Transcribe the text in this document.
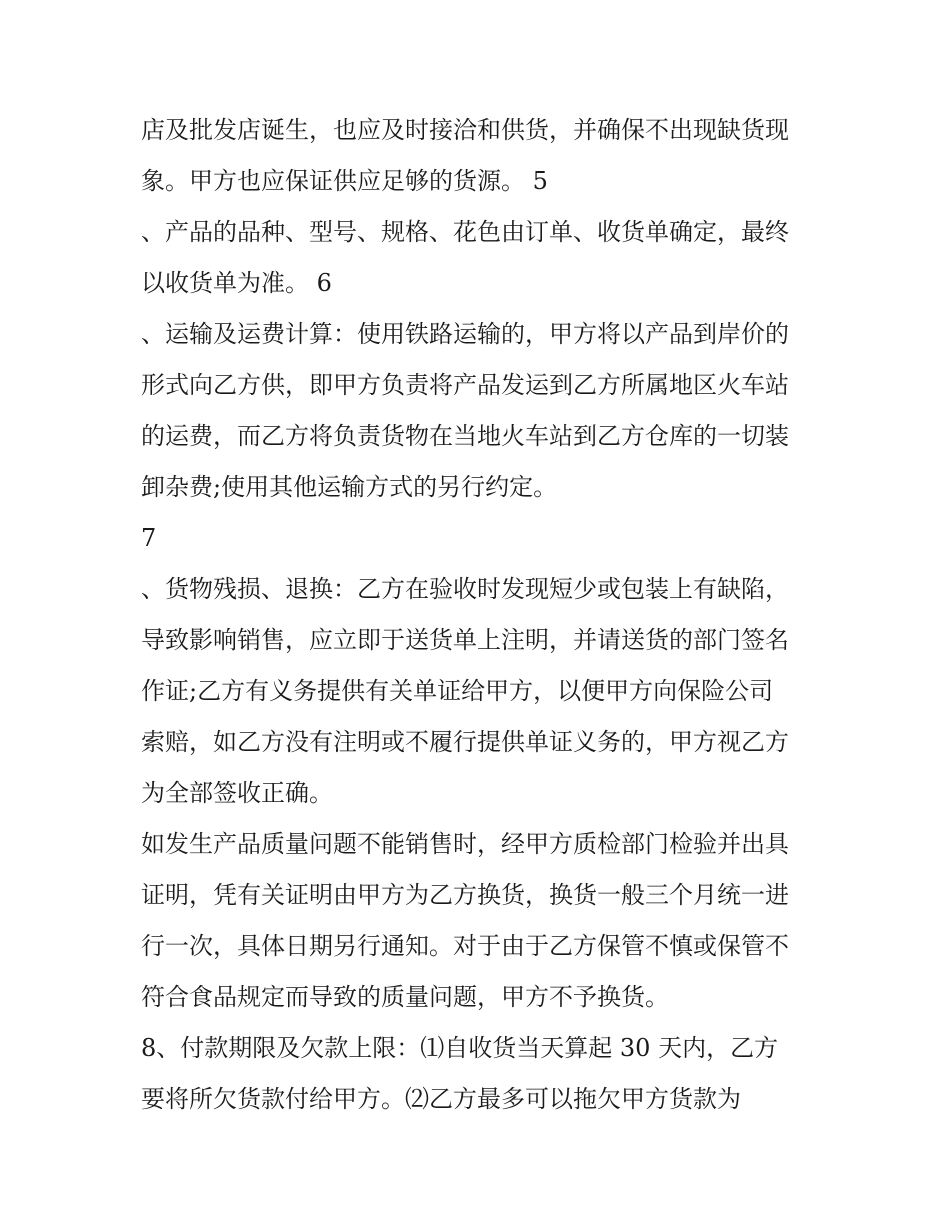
店及批发店诞生，也应及时接洽和供货，并确保不出现缺货现
象。甲方也应保证供应足够的货源。 5
、产品的品种、型号、规格、花色由订单、收货单确定，最终
以收货单为准。 6
、运输及运费计算：使用铁路运输的，甲方将以产品到岸价的
形式向乙方供，即甲方负责将产品发运到乙方所属地区火车站
的运费，而乙方将负责货物在当地火车站到乙方仓库的一切装
卸杂费;使用其他运输方式的另行约定。
7
、货物残损、退换：乙方在验收时发现短少或包装上有缺陷，
导致影响销售，应立即于送货单上注明，并请送货的部门签名
作证;乙方有义务提供有关单证给甲方，以便甲方向保险公司
索赔，如乙方没有注明或不履行提供单证义务的，甲方视乙方
为全部签收正确。
如发生产品质量问题不能销售时，经甲方质检部门检验并出具
证明，凭有关证明由甲方为乙方换货，换货一般三个月统一进
行一次，具体日期另行通知。对于由于乙方保管不慎或保管不
符合食品规定而导致的质量问题，甲方不予换货。
8、付款期限及欠款上限：⑴自收货当天算起 30 天内，乙方
要将所欠货款付给甲方。⑵乙方最多可以拖欠甲方货款为
